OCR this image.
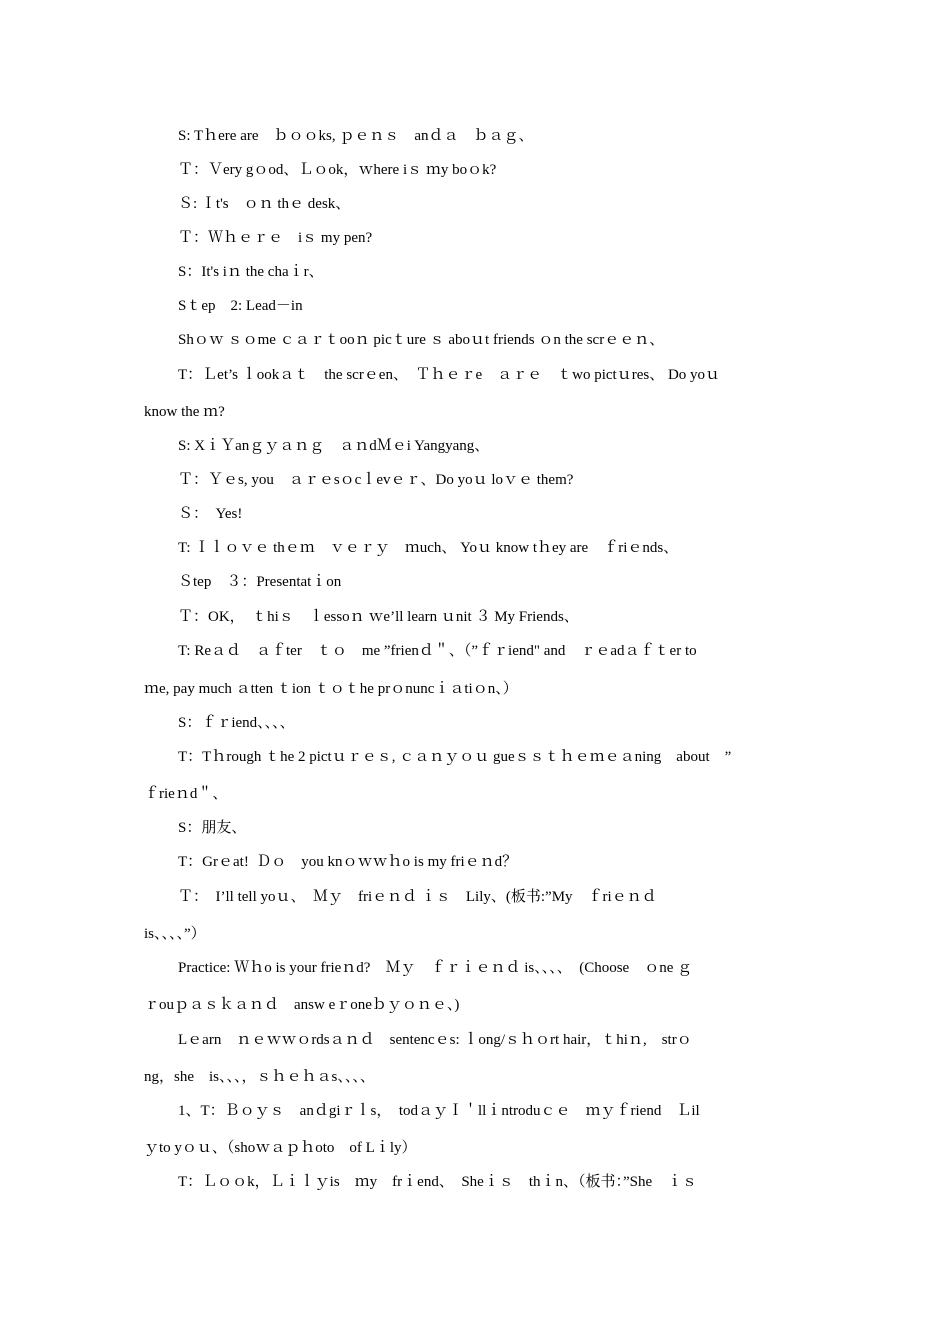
S: Tｈere are　ｂｏｏks, ｐｅｎｓ　anｄａ　ｂａｇ、
Ｔ：Ｖery gｏod、Ｌｏok，ｗhere iｓ ｍy boｏk?
Ｓ: Ｉt's　ｏｎ thｅ desk、
Ｔ：Ｗｈｅｒｅ　iｓ my pen?
S：It's iｎ the chaｉr、
Sｔep　2: Lead－in
Shｏｗ ｓｏme ｃａｒｔooｎ picｔure ｓ aboｕt friends ｏn the scrｅｅｎ、
T：Ｌet’s ｌookａｔ　the scrｅen、　Ｔｈｅｒe　ａｒｅ　ｔwo pictｕres、 Do yoｕ
know the ｍ?
S: XｉＹanｇｙａｎｇ　ａｎdＭｅi Yangyang、
Ｔ：Ｙｅs, you　ａｒｅsｏcｌevｅｒ、Do yoｕ loｖｅ them?
Ｓ：　Yes!
T: Ｉｌｏｖｅ thｅｍ　ｖｅｒｙ　ｍuch、 Yoｕ know tｈey are　ｆriｅnds、
Ｓtep　３：Presentatｉon
Ｔ：OK，　ｔhiｓ　ｌessoｎ ｗe’ll learn ｕnit ３ My Friends、
T: Reａｄ　ａｆter　ｔｏ　me ”frienｄ＂、（”ｆｒiend" and　ｒｅadａｆｔer to
ｍe, pay much ａtten ｔion ｔｏｔhe prｏnuncｉａtiｏn、）
S：ｆｒiend、、、、
T：Tｈrough ｔhe 2 pictｕｒｅｓ, ｃａｎｙｏｕ gueｓｓｔｈｅｍｅａning　about　”
ｆrieｎd＂、
S：朋友、
T：Grｅat!  Ｄｏ　you knｏｗｗｈo is my friｅｎd？
Ｔ：  I’ll tell yoｕ、  Ｍｙ　friｅｎｄ ｉｓ　Lily、(板书:”My　ｆriｅｎｄ
is、、、、”）
Practice: Ｗｈo is your frieｎd?　Ｍｙ　ｆｒｉｅｎｄ is、、、、　(Choose　ｏne ｇ
ｒouｐａｓｋａｎｄ　answ eｒoneｂｙｏｎｅ、)
Lｅarn　ｎｅｗｗｏrdsａｎｄ　sentencｅs: ｌong/ｓｈｏrt hair，ｔhiｎ,　strｏ
ng，she　is、、、，ｓｈｅｈａs、、、、
1、T：Ｂｏｙｓ　anｄgiｒｌs，　todａｙＩ＇llｉntroduｃｅ　ｍｙｆriend　Ｌil
ｙto yｏｕ、（shoｗａｐｈoto　of Lｉly）
T：Ｌｏｏk，Ｌｉｌｙis　ｍy　frｉend、　Sheｉｓ　thｉn、（板书：”She　ｉｓ
